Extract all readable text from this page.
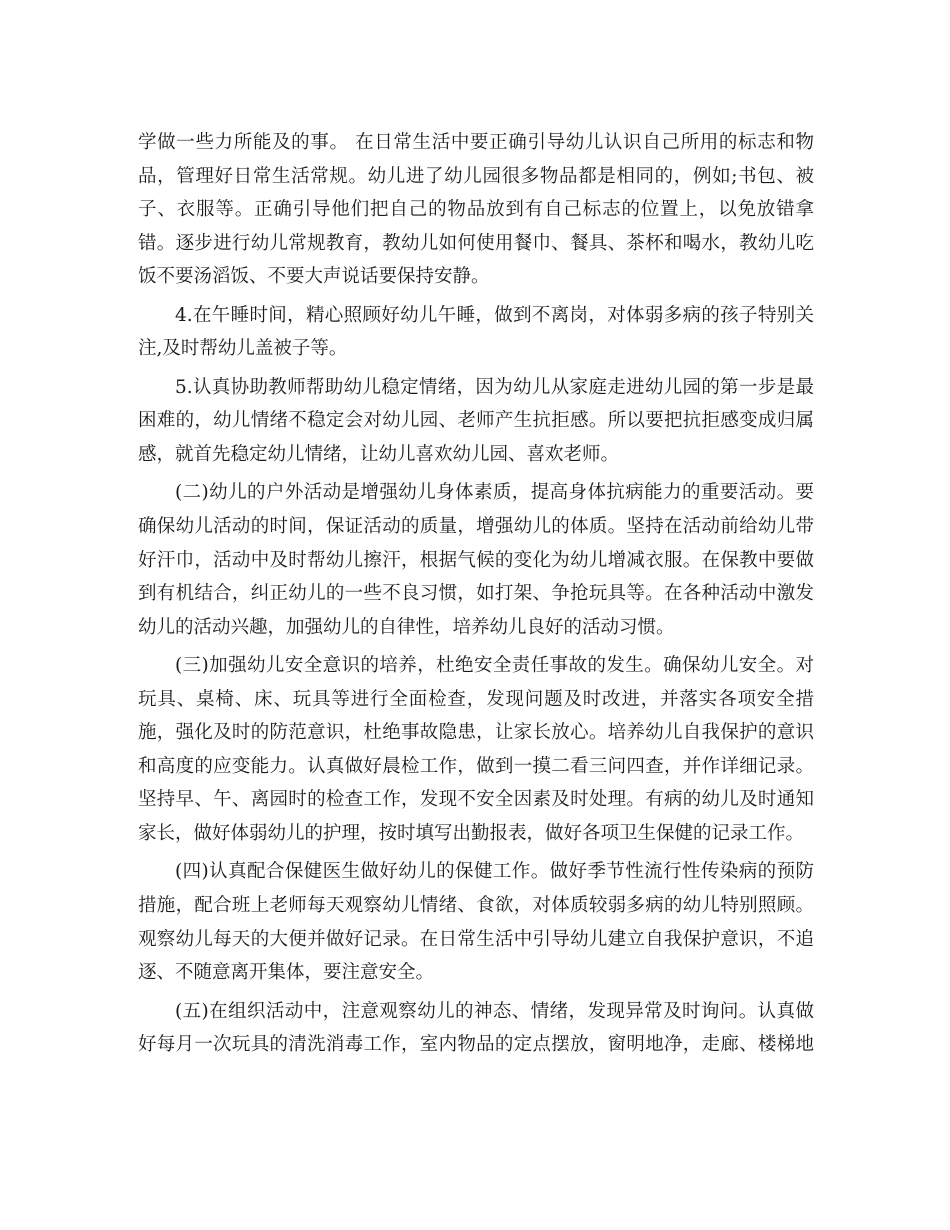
学做一些力所能及的事。 在日常生活中要正确引导幼儿认识自己所用的标志和物
品，管理好日常生活常规。幼儿进了幼儿园很多物品都是相同的，例如;书包、被
子、衣服等。正确引导他们把自己的物品放到有自己标志的位置上，以免放错拿
错。逐步进行幼儿常规教育，教幼儿如何使用餐巾、餐具、茶杯和喝水，教幼儿吃
饭不要汤滔饭、不要大声说话要保持安静。
4.在午睡时间，精心照顾好幼儿午睡，做到不离岗，对体弱多病的孩子特别关
注,及时帮幼儿盖被子等。
5.认真协助教师帮助幼儿稳定情绪，因为幼儿从家庭走进幼儿园的第一步是最
困难的，幼儿情绪不稳定会对幼儿园、老师产生抗拒感。所以要把抗拒感变成归属
感，就首先稳定幼儿情绪，让幼儿喜欢幼儿园、喜欢老师。
(二)幼儿的户外活动是增强幼儿身体素质，提高身体抗病能力的重要活动。要
确保幼儿活动的时间，保证活动的质量，增强幼儿的体质。坚持在活动前给幼儿带
好汗巾，活动中及时帮幼儿擦汗，根据气候的变化为幼儿增减衣服。在保教中要做
到有机结合，纠正幼儿的一些不良习惯，如打架、争抢玩具等。在各种活动中激发
幼儿的活动兴趣，加强幼儿的自律性，培养幼儿良好的活动习惯。
(三)加强幼儿安全意识的培养，杜绝安全责任事故的发生。确保幼儿安全。对
玩具、桌椅、床、玩具等进行全面检查，发现问题及时改进，并落实各项安全措
施，强化及时的防范意识，杜绝事故隐患，让家长放心。培养幼儿自我保护的意识
和高度的应变能力。认真做好晨检工作，做到一摸二看三问四查，并作详细记录。
坚持早、午、离园时的检查工作，发现不安全因素及时处理。有病的幼儿及时通知
家长，做好体弱幼儿的护理，按时填写出勤报表，做好各项卫生保健的记录工作。
(四)认真配合保健医生做好幼儿的保健工作。做好季节性流行性传染病的预防
措施，配合班上老师每天观察幼儿情绪、食欲，对体质较弱多病的幼儿特别照顾。
观察幼儿每天的大便并做好记录。在日常生活中引导幼儿建立自我保护意识，不追
逐、不随意离开集体，要注意安全。
(五)在组织活动中，注意观察幼儿的神态、情绪，发现异常及时询问。认真做
好每月一次玩具的清洗消毒工作，室内物品的定点摆放，窗明地净，走廊、楼梯地
